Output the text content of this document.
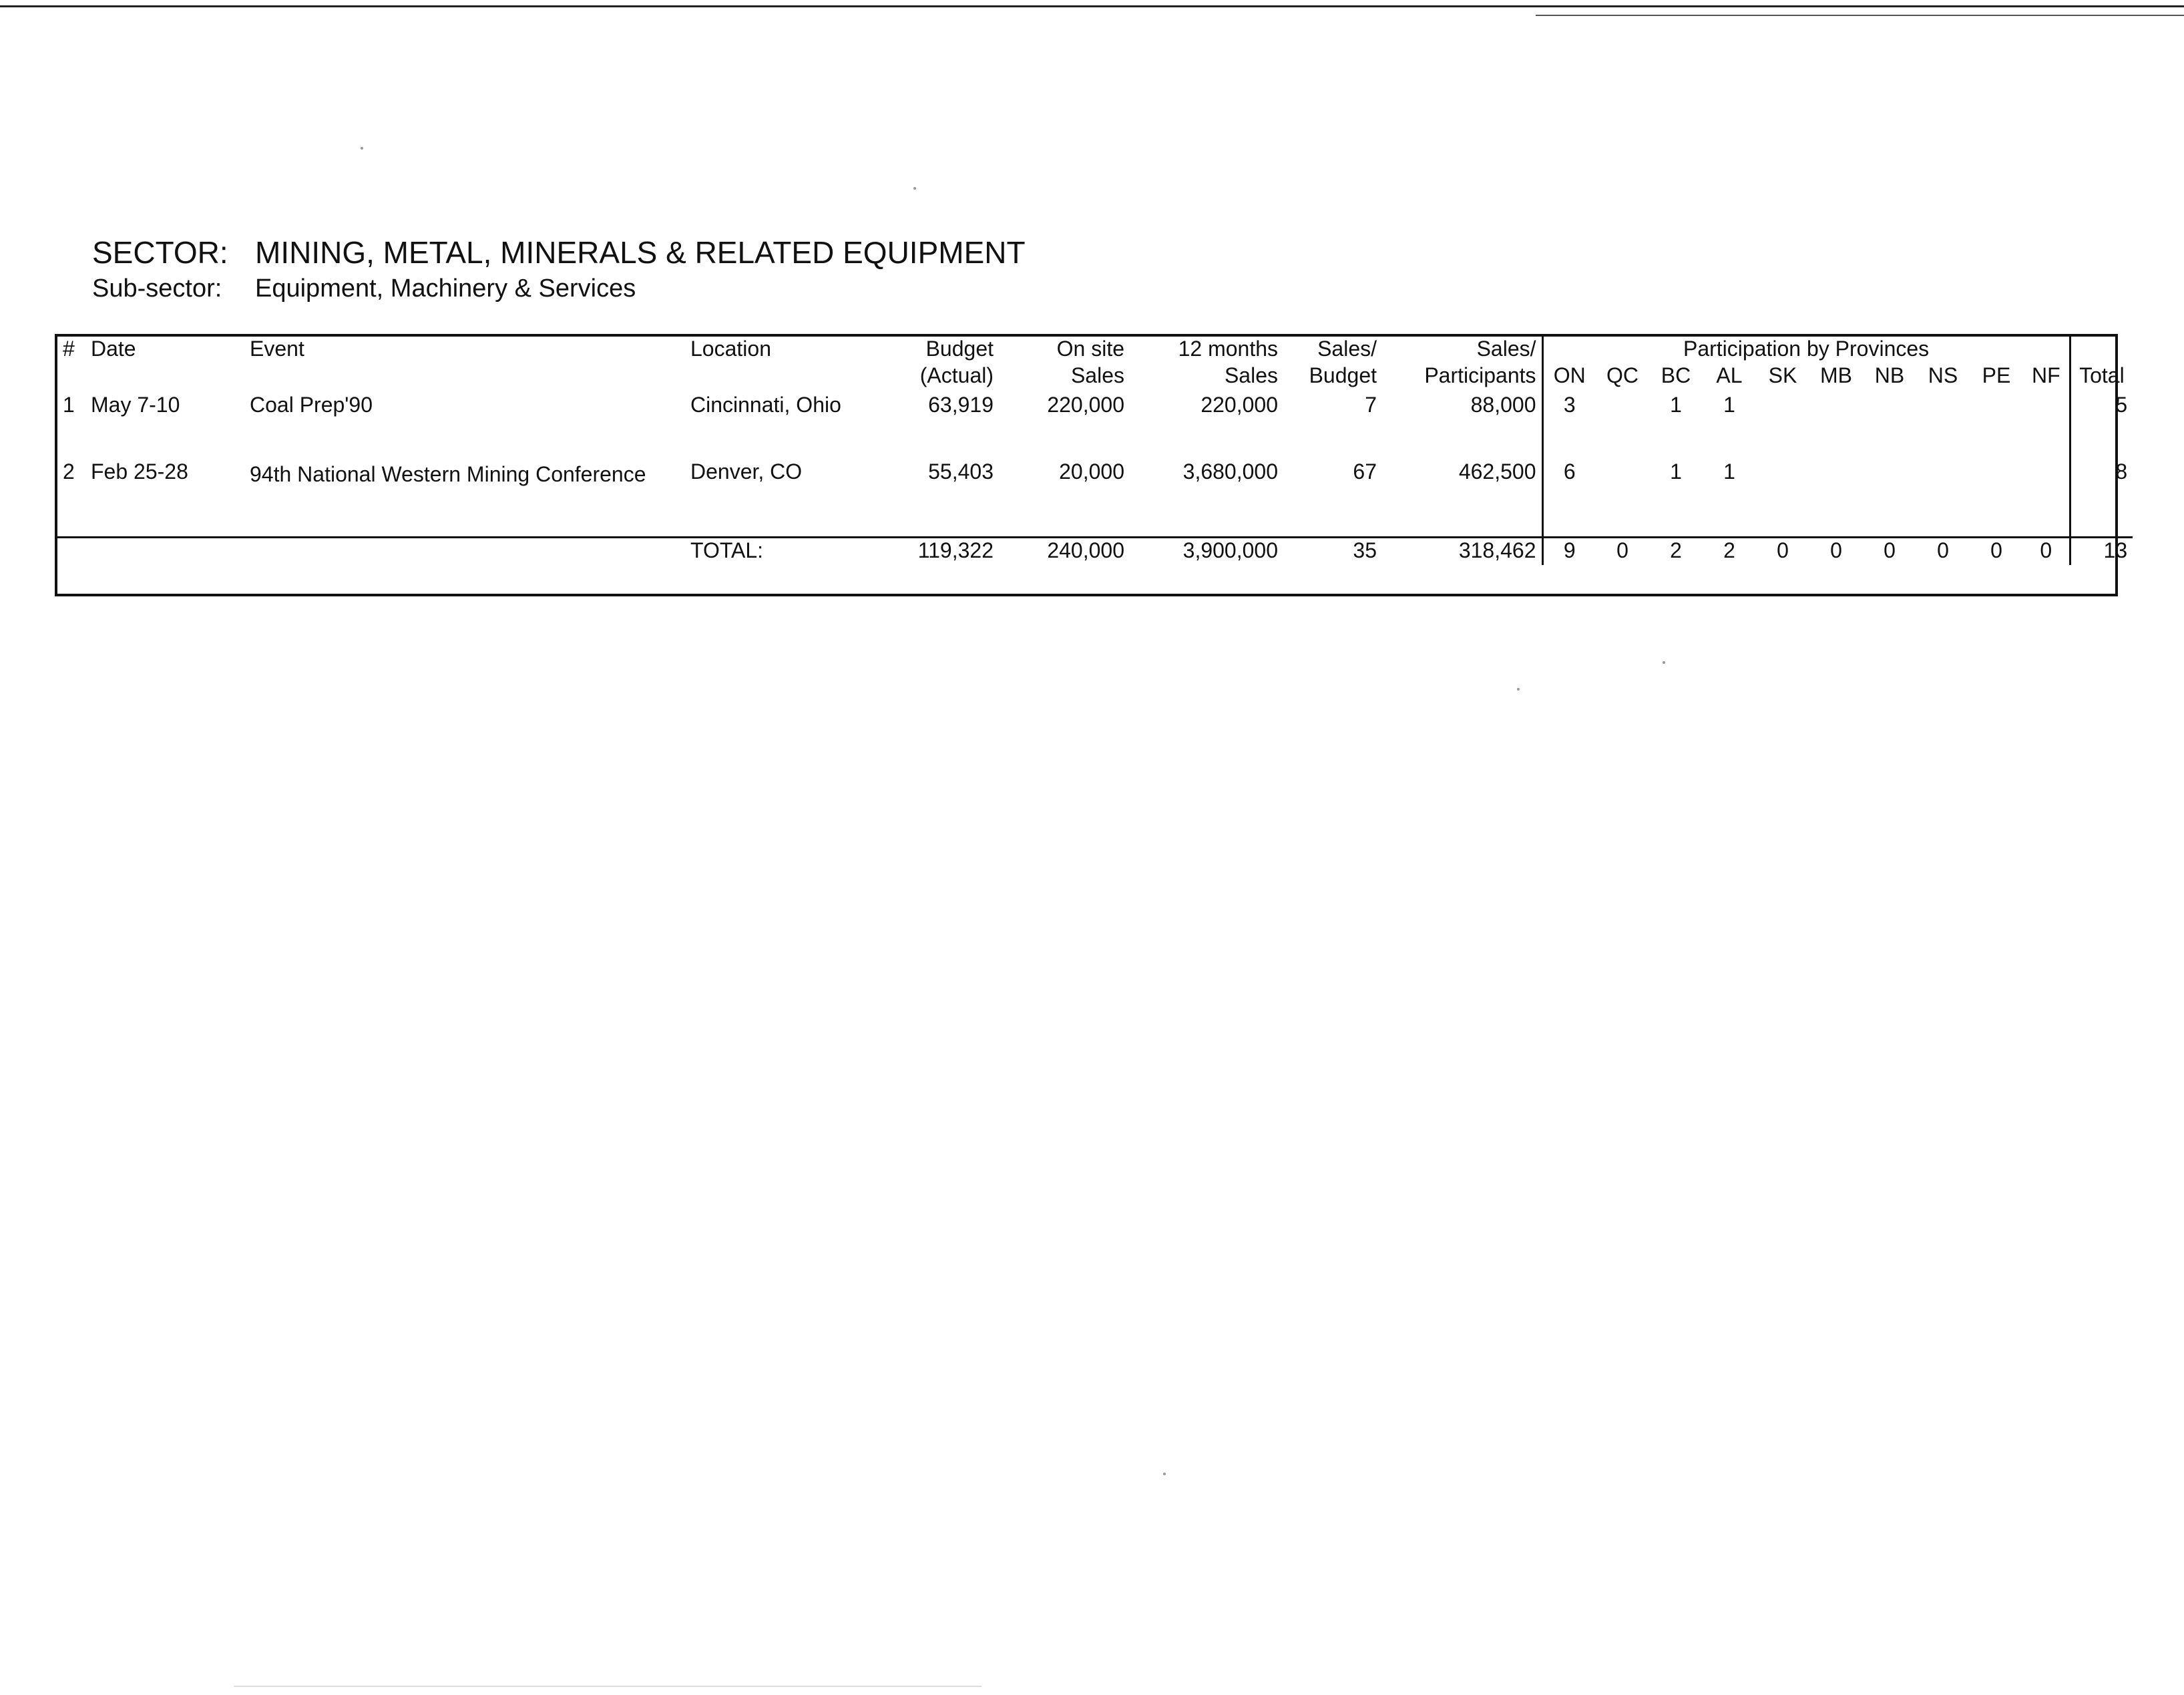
SECTOR: MINING, METAL, MINERALS & RELATED EQUIPMENT
Sub-sector: Equipment, Machinery & Services
#	Date	Event	Location	Budget	On site	12 months	Sales/	Sales/	Participation by Provinces										
				(Actual)	Sales	Sales	Budget	Participants	ON	QC	BC	AL	SK	MB	NB	NS	PE	NF	Total
1	May 7-10	Coal Prep'90	Cincinnati, Ohio	63,919	220,000	220,000	7	88,000	3		1	1							5
2	Feb 25-28	94th National Western Mining Conference	Denver, CO	55,403	20,000	3,680,000	67	462,500	6		1	1							8
			TOTAL:	119,322	240,000	3,900,000	35	318,462	9	0	2	2	0	0	0	0	0	0	13
